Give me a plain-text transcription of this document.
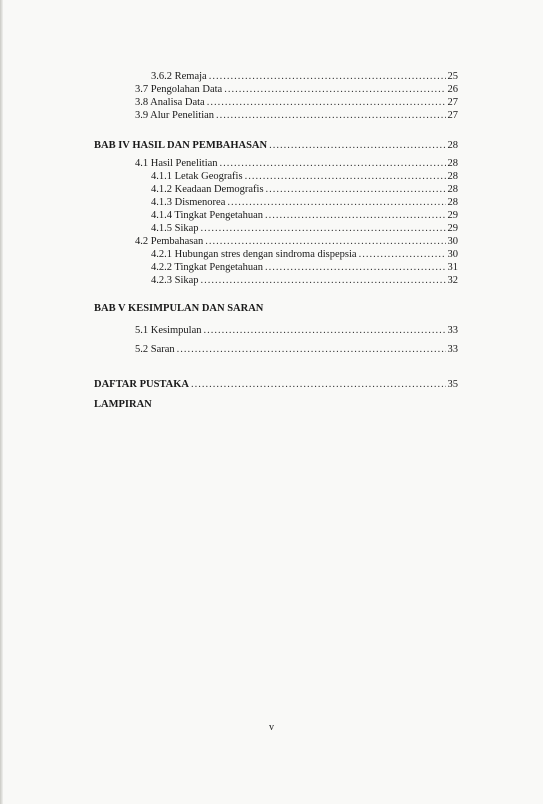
3.6.2 Remaja .....	25
3.7 Pengolahan Data .....	26
3.8 Analisa Data .....	27
3.9 Alur Penelitian .....	27
BAB IV HASIL DAN PEMBAHASAN .....	28
4.1 Hasil Penelitian .....	28
4.1.1 Letak Geografis .....	28
4.1.2 Keadaan Demografis .....	28
4.1.3 Dismenorea .....	28
4.1.4 Tingkat Pengetahuan .....	29
4.1.5 Sikap .....	29
4.2 Pembahasan .....	30
4.2.1 Hubungan stres dengan sindroma dispepsia .....	30
4.2.2 Tingkat Pengetahuan .....	31
4.2.3 Sikap .....	32
BAB V KESIMPULAN DAN SARAN
5.1 Kesimpulan .....	33
5.2 Saran .....	33
DAFTAR PUSTAKA .....	35
LAMPIRAN
v
